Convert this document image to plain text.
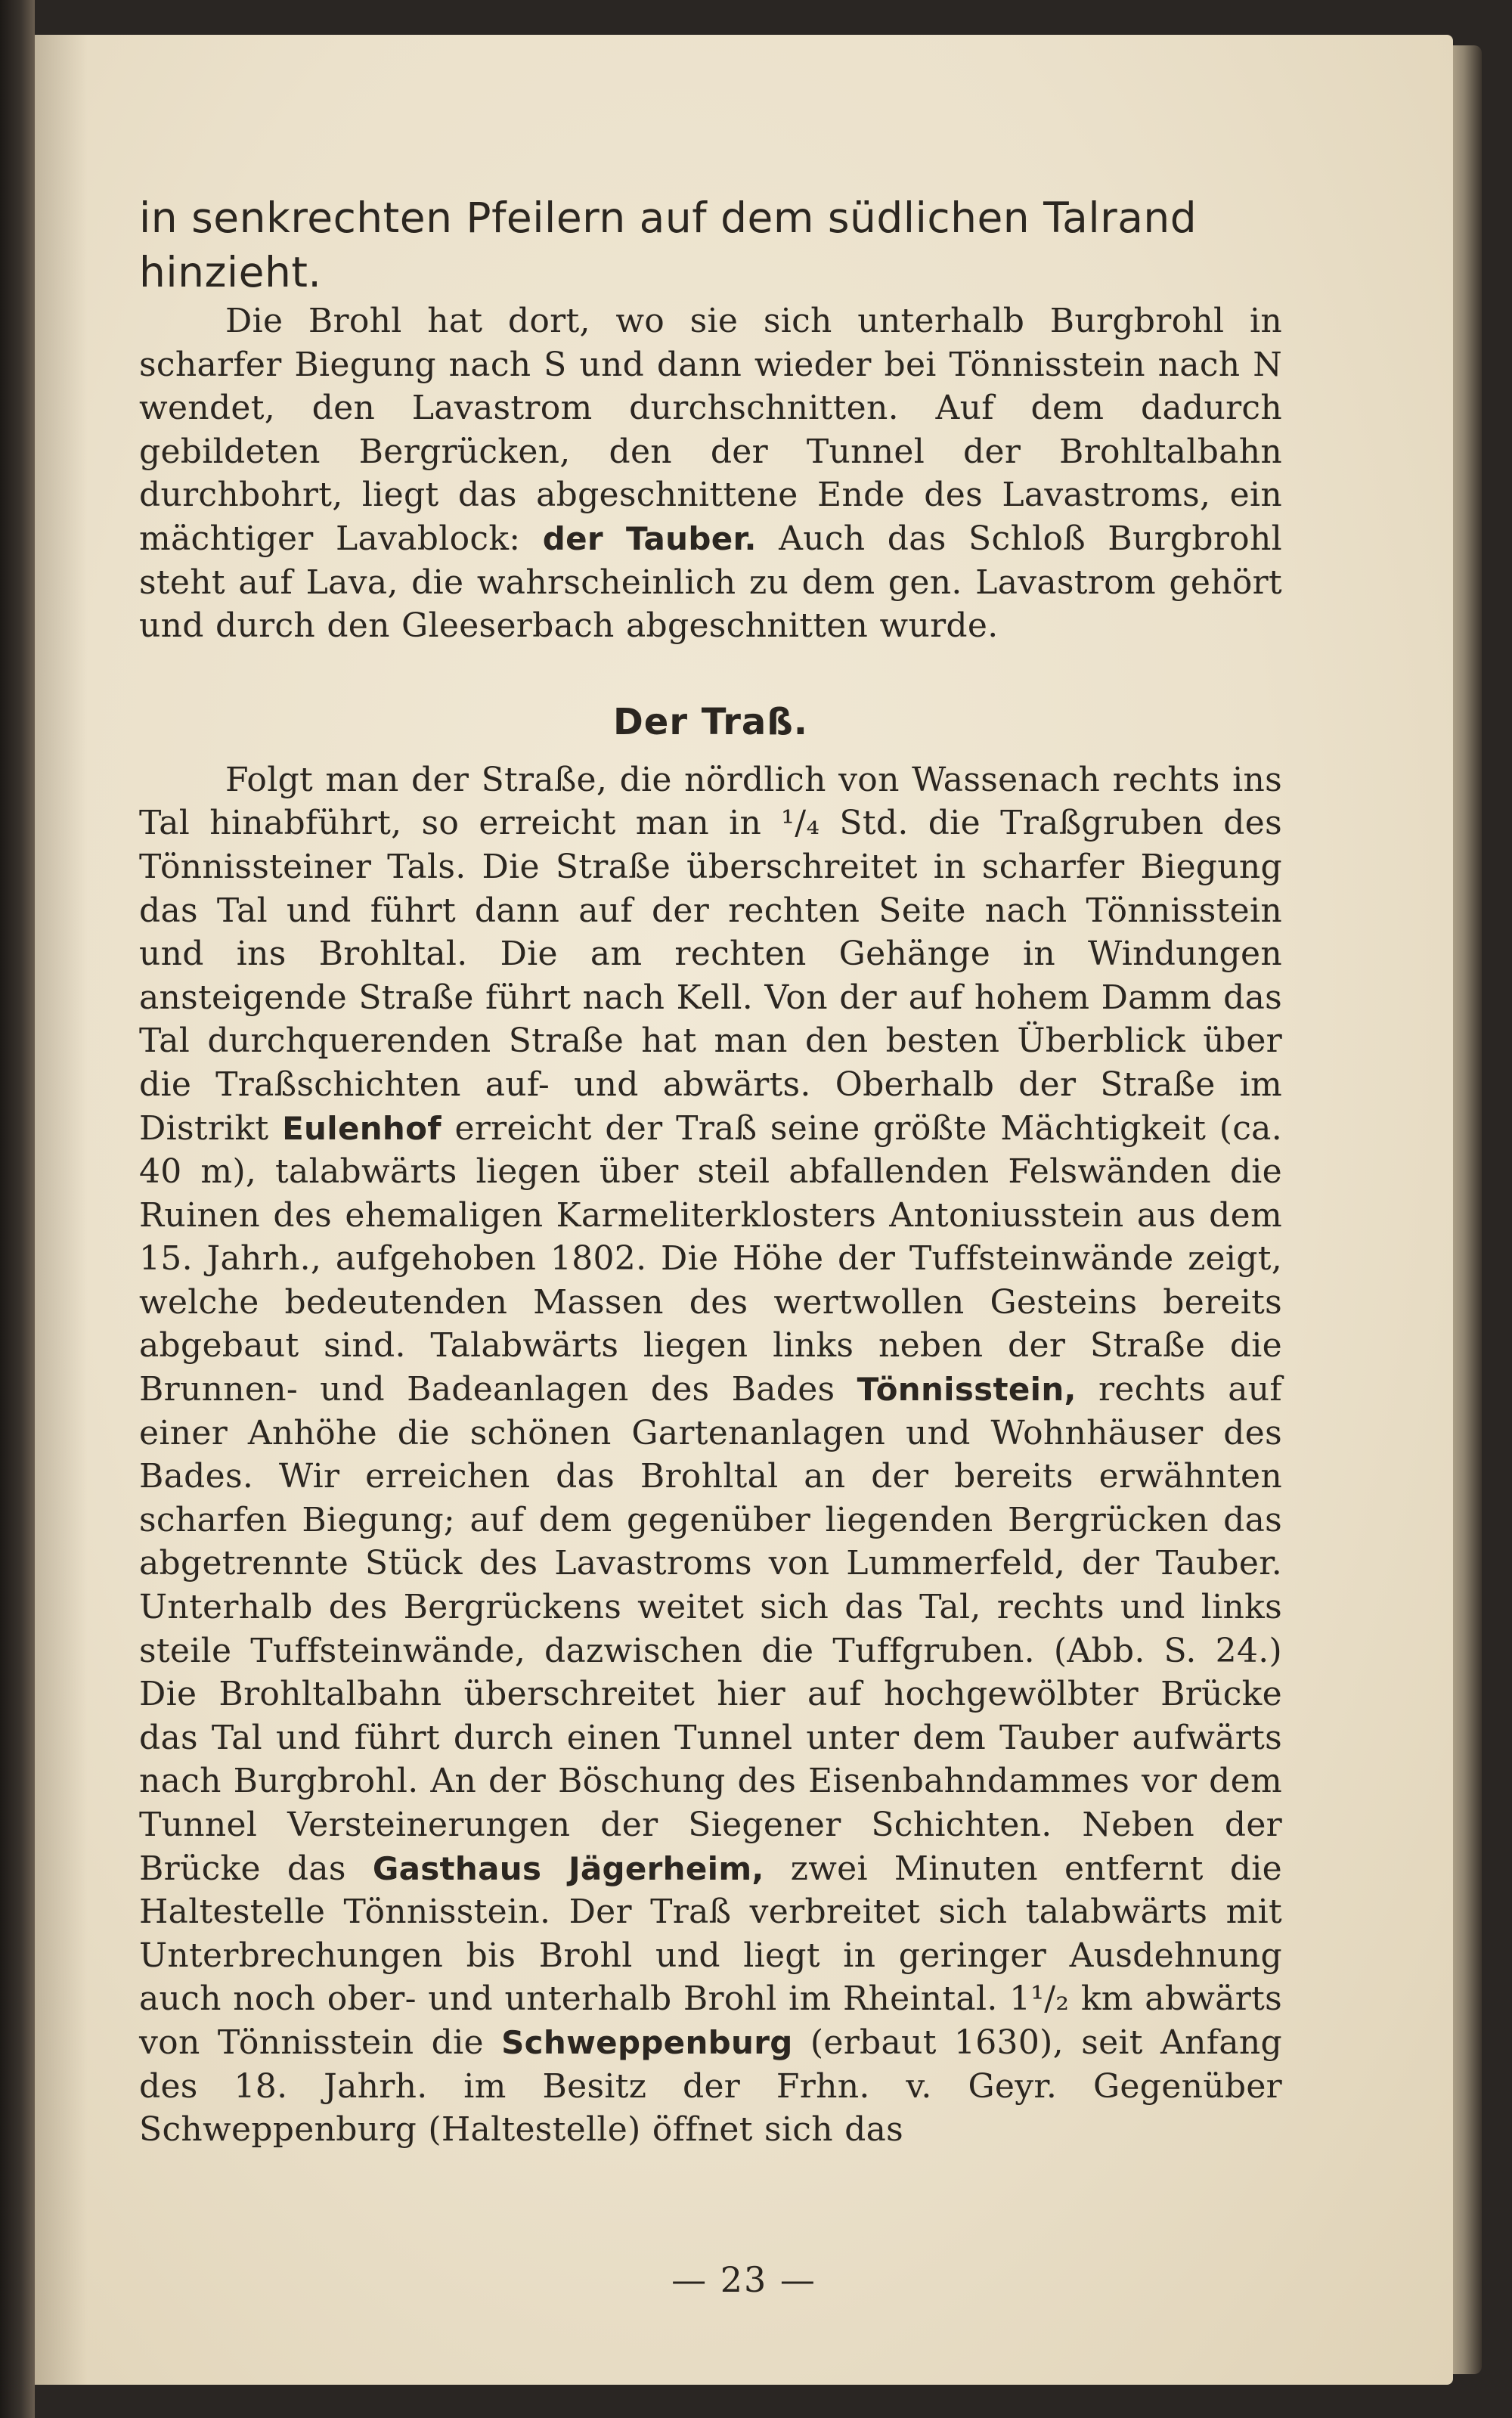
— 23 —

in senkrechten Pfeilern auf dem südlichen Talrand hinzieht.

Die Brohl hat dort, wo sie sich unterhalb Burgbrohl in scharfer Biegung nach S und dann wieder bei Tönnisstein nach N wendet, den Lavastrom durchschnitten. Auf dem dadurch gebildeten Bergrücken, den der Tunnel der Brohltalbahn durchbohrt, liegt das abgeschnittene Ende des Lavastroms, ein mächtiger Lavablock: der Tauber. Auch das Schloß Burgbrohl steht auf Lava, die wahrscheinlich zu dem gen. Lavastrom gehört und durch den Gleeserbach abgeschnitten wurde.

Der Traß.

Folgt man der Straße, die nördlich von Wassenach rechts ins Tal hinabführt, so erreicht man in ¹/₄ Std. die Traßgruben des Tönnissteiner Tals. Die Straße überschreitet in scharfer Biegung das Tal und führt dann auf der rechten Seite nach Tönnisstein und ins Brohltal. Die am rechten Gehänge in Windungen ansteigende Straße führt nach Kell. Von der auf hohem Damm das Tal durchquerenden Straße hat man den besten Überblick über die Traßschichten auf- und abwärts. Oberhalb der Straße im Distrikt Eulenhof erreicht der Traß seine größte Mächtigkeit (ca. 40 m), talabwärts liegen über steil abfallenden Felswänden die Ruinen des ehemaligen Karmeliterklosters Antoniusstein aus dem 15. Jahrh., aufgehoben 1802. Die Höhe der Tuffsteinwände zeigt, welche bedeutenden Massen des wertwollen Gesteins bereits abgebaut sind. Talabwärts liegen links neben der Straße die Brunnen- und Badeanlagen des Bades Tönnisstein, rechts auf einer Anhöhe die schönen Gartenanlagen und Wohnhäuser des Bades. Wir erreichen das Brohltal an der bereits erwähnten scharfen Biegung; auf dem gegenüber liegenden Bergrücken das abgetrennte Stück des Lavastroms von Lummerfeld, der Tauber. Unterhalb des Bergrückens weitet sich das Tal, rechts und links steile Tuffsteinwände, dazwischen die Tuffgruben. (Abb. S. 24.) Die Brohltalbahn überschreitet hier auf hochgewölbter Brücke das Tal und führt durch einen Tunnel unter dem Tauber aufwärts nach Burgbrohl. An der Böschung des Eisenbahndammes vor dem Tunnel Versteinerungen der Siegener Schichten. Neben der Brücke das Gasthaus Jägerheim, zwei Minuten entfernt die Haltestelle Tönnisstein. Der Traß verbreitet sich talabwärts mit Unterbrechungen bis Brohl und liegt in geringer Ausdehnung auch noch ober- und unterhalb Brohl im Rheintal. 1¹/₂ km abwärts von Tönnisstein die Schweppenburg (erbaut 1630), seit Anfang des 18. Jahrh. im Besitz der Frhn. v. Geyr. Gegenüber Schweppenburg (Haltestelle) öffnet sich das
